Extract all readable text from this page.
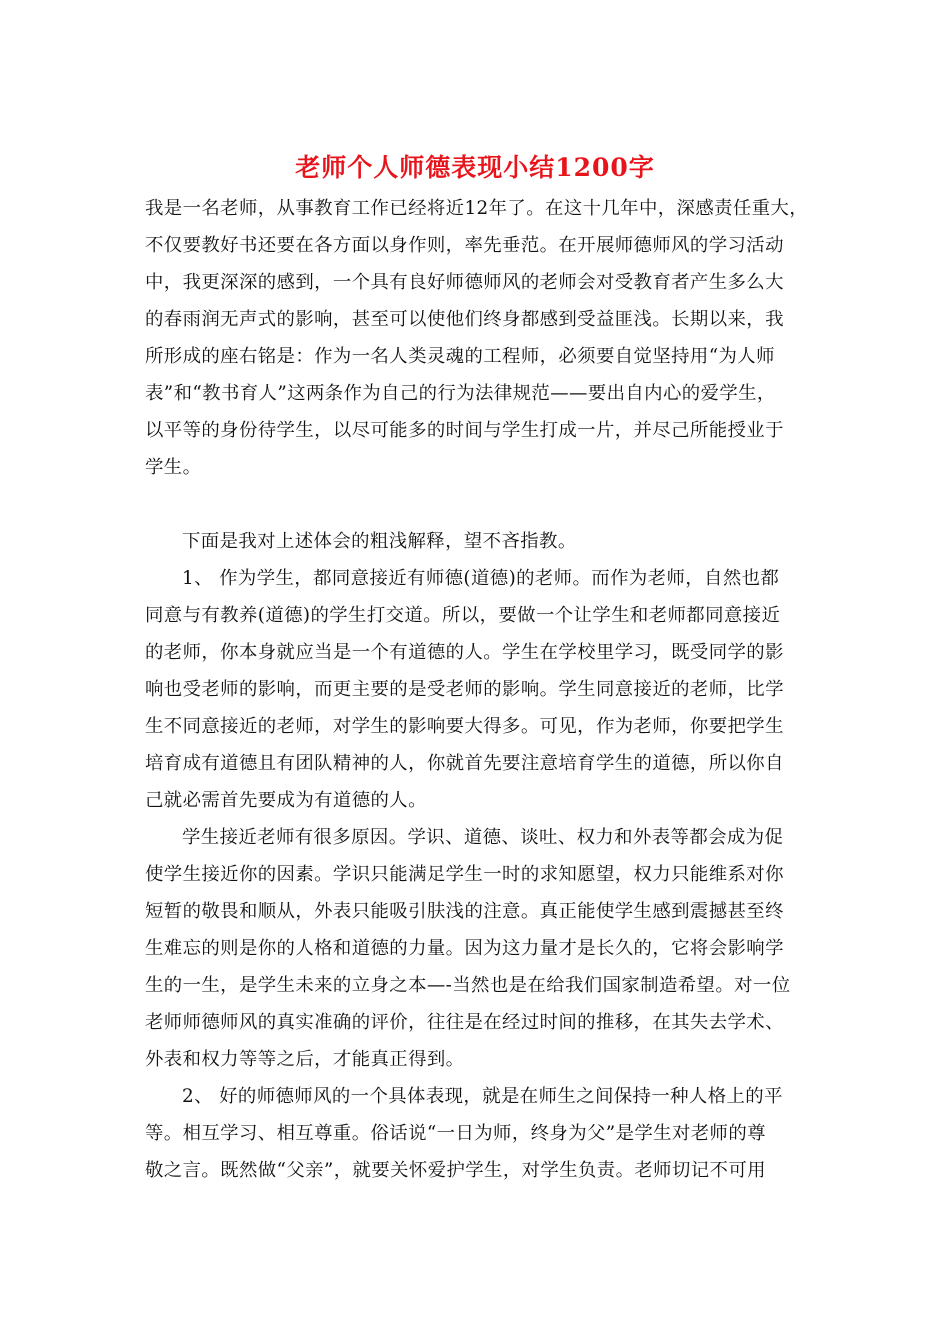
老师个人师德表现小结1200字
我是一名老师，从事教育工作已经将近12年了。在这十几年中，深感责任重大，
不仅要教好书还要在各方面以身作则，率先垂范。在开展师德师风的学习活动
中，我更深深的感到，一个具有良好师德师风的老师会对受教育者产生多么大
的春雨润无声式的影响，甚至可以使他们终身都感到受益匪浅。长期以来，我
所形成的座右铭是：作为一名人类灵魂的工程师，必须要自觉坚持用“为人师
表”和“教书育人”这两条作为自己的行为法律规范——要出自内心的爱学生，
以平等的身份待学生，以尽可能多的时间与学生打成一片，并尽己所能授业于
学生。
下面是我对上述体会的粗浅解释，望不吝指教。
1、 作为学生，都同意接近有师德(道德)的老师。而作为老师，自然也都
同意与有教养(道德)的学生打交道。所以，要做一个让学生和老师都同意接近
的老师，你本身就应当是一个有道德的人。学生在学校里学习，既受同学的影
响也受老师的影响，而更主要的是受老师的影响。学生同意接近的老师，比学
生不同意接近的老师，对学生的影响要大得多。可见，作为老师，你要把学生
培育成有道德且有团队精神的人，你就首先要注意培育学生的道德，所以你自
己就必需首先要成为有道德的人。
学生接近老师有很多原因。学识、道德、谈吐、权力和外表等都会成为促
使学生接近你的因素。学识只能满足学生一时的求知愿望，权力只能维系对你
短暂的敬畏和顺从，外表只能吸引肤浅的注意。真正能使学生感到震撼甚至终
生难忘的则是你的人格和道德的力量。因为这力量才是长久的，它将会影响学
生的一生，是学生未来的立身之本—-当然也是在给我们国家制造希望。对一位
老师师德师风的真实准确的评价，往往是在经过时间的推移，在其失去学术、
外表和权力等等之后，才能真正得到。
2、 好的师德师风的一个具体表现，就是在师生之间保持一种人格上的平
等。相互学习、相互尊重。俗话说“一日为师，终身为父”是学生对老师的尊
敬之言。既然做“父亲”，就要关怀爱护学生，对学生负责。老师切记不可用
